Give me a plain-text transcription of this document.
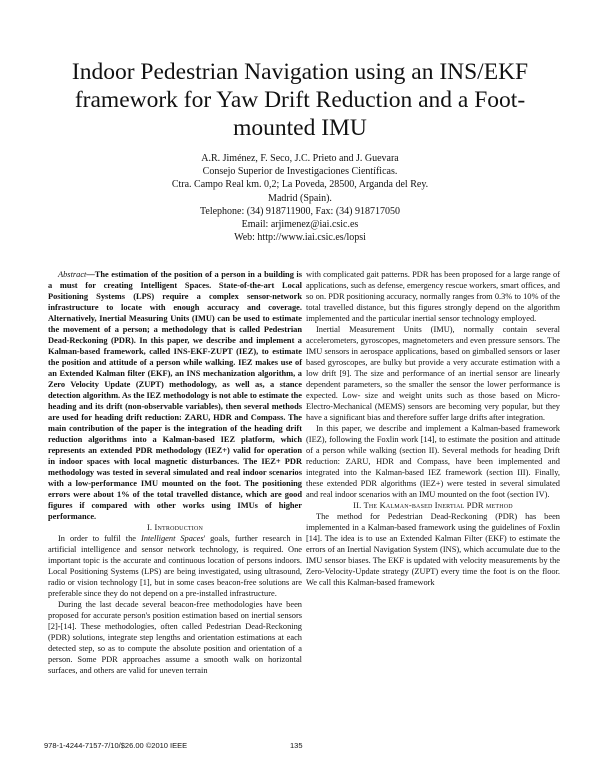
Indoor Pedestrian Navigation using an INS/EKF framework for Yaw Drift Reduction and a Foot-mounted IMU
A.R. Jiménez, F. Seco, J.C. Prieto and J. Guevara
Consejo Superior de Investigaciones Científicas.
Ctra. Campo Real km. 0,2; La Poveda, 28500, Arganda del Rey.
Madrid (Spain).
Telephone: (34) 918711900, Fax: (34) 918717050
Email: arjimenez@iai.csic.es
Web: http://www.iai.csic.es/lopsi

Abstract—The estimation of the position of a person in a building is a must for creating Intelligent Spaces. State-of-the-art Local Positioning Systems (LPS) require a complex sensor-network infrastructure to locate with enough accuracy and coverage. Alternatively, Inertial Measuring Units (IMU) can be used to estimate the movement of a person; a methodology that is called Pedestrian Dead-Reckoning (PDR). In this paper, we describe and implement a Kalman-based framework, called INS-EKF-ZUPT (IEZ), to estimate the position and attitude of a person while walking. IEZ makes use of an Extended Kalman filter (EKF), an INS mechanization algorithm, a Zero Velocity Update (ZUPT) methodology, as well as, a stance detection algorithm. As the IEZ methodology is not able to estimate the heading and its drift (non-observable variables), then several methods are used for heading drift reduction: ZARU, HDR and Compass. The main contribution of the paper is the integration of the heading drift reduction algorithms into a Kalman-based IEZ platform, which represents an extended PDR methodology (IEZ+) valid for operation in indoor spaces with local magnetic disturbances. The IEZ+ PDR methodology was tested in several simulated and real indoor scenarios with a low-performance IMU mounted on the foot. The positioning errors were about 1% of the total travelled distance, which are good figures if compared with other works using IMUs of higher performance.

I. Introduction

In order to fulfil the Intelligent Spaces' goals, further research in artificial intelligence and sensor network technology, is required. One important topic is the accurate and continuous location of persons indoors. Local Positioning Systems (LPS) are being investigated, using ultrasound, radio or vision technology [1], but in some cases beacon-free solutions are preferable since they do not depend on a pre-installed infrastructure.

During the last decade several beacon-free methodologies have been proposed for accurate person's position estimation based on inertial sensors [2]-[14]. These methodologies, often called Pedestrian Dead-Reckoning (PDR) solutions, integrate step lengths and orientation estimations at each detected step, so as to compute the absolute position and orientation of a person. Some PDR approaches assume a smooth walk on horizontal surfaces, and others are valid for uneven terrain

with complicated gait patterns. PDR has been proposed for a large range of applications, such as defense, emergency rescue workers, smart offices, and so on. PDR positioning accuracy, normally ranges from 0.3% to 10% of the total travelled distance, but this figures strongly depend on the algorithm implemented and the particular inertial sensor technology employed.

Inertial Measurement Units (IMU), normally contain several accelerometers, gyroscopes, magnetometers and even pressure sensors. The IMU sensors in aerospace applications, based on gimballed sensors or laser based gyroscopes, are bulky but provide a very accurate estimation with a low drift [9]. The size and performance of an inertial sensor are linearly dependent parameters, so the smaller the sensor the lower performance is expected. Low- size and weight units such as those based on Micro-Electro-Mechanical (MEMS) sensors are becoming very popular, but they have a significant bias and therefore suffer large drifts after integration.

In this paper, we describe and implement a Kalman-based framework (IEZ), following the Foxlin work [14], to estimate the position and attitude of a person while walking (section II). Several methods for heading Drift reduction: ZARU, HDR and Compass, have been implemented and integrated into the Kalman-based IEZ framework (section III). Finally, these extended PDR algorithms (IEZ+) were tested in several simulated and real indoor scenarios with an IMU mounted on the foot (section IV).

II. The Kalman-based Inertial PDR method

The method for Pedestrian Dead-Reckoning (PDR) has been implemented in a Kalman-based framework using the guidelines of Foxlin [14]. The idea is to use an Extended Kalman Filter (EKF) to estimate the errors of an Inertial Navigation System (INS), which accumulate due to the IMU sensor biases. The EKF is updated with velocity measurements by the Zero-Velocity-Update strategy (ZUPT) every time the foot is on the floor. We call this Kalman-based framework

978-1-4244-7157-7/10/$26.00 ©2010 IEEE	135
